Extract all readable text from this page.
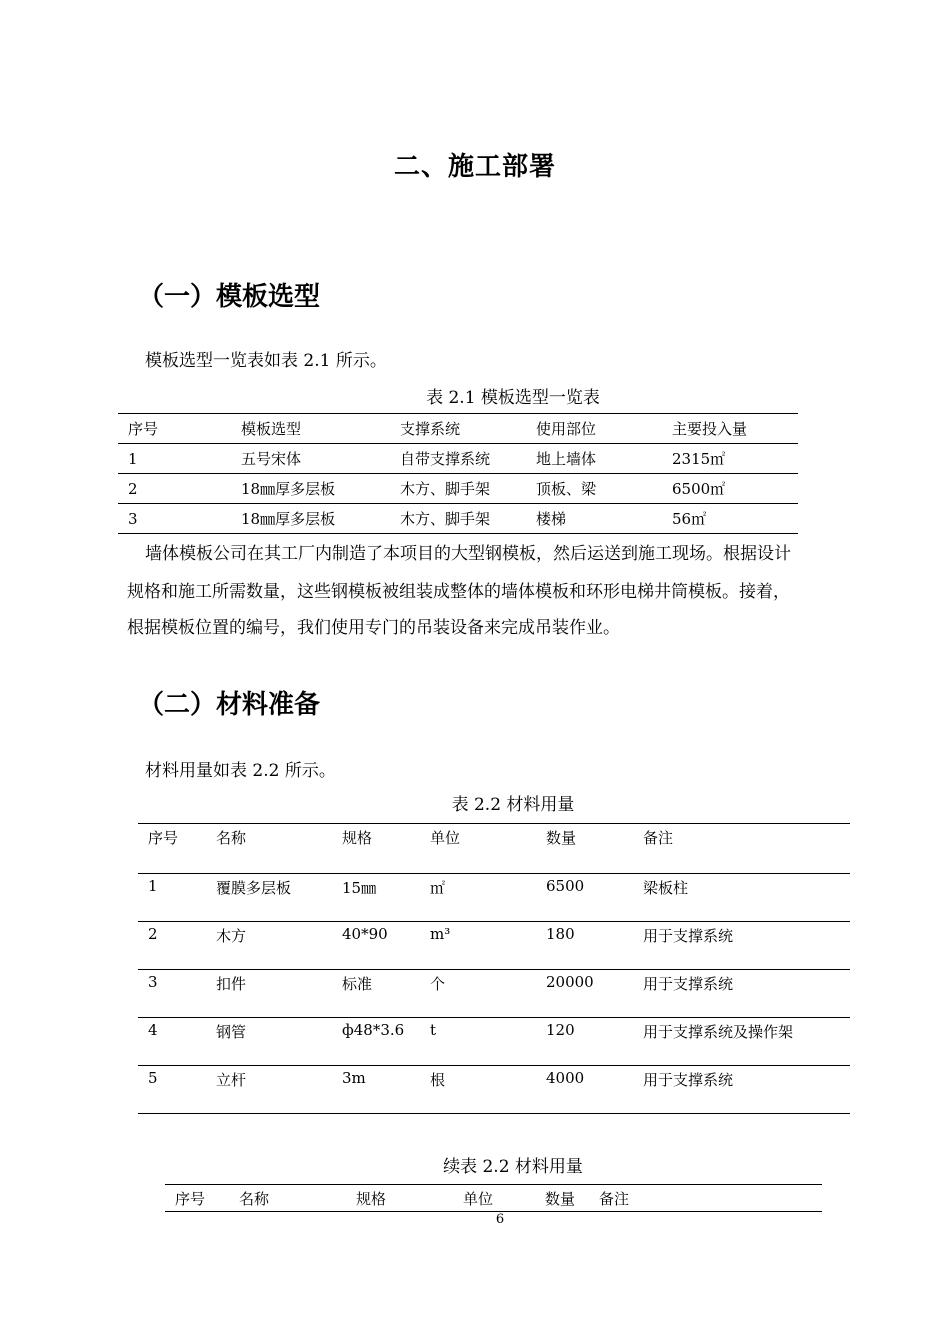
二、施工部署
（一）模板选型
模板选型一览表如表 2.1 所示。
表 2.1 模板选型一览表
序号	模板选型	支撑系统	使用部位	主要投入量
1	五号宋体	自带支撑系统	地上墙体	2315㎡
2	18㎜厚多层板	木方、脚手架	顶板、梁	6500㎡
3	18㎜厚多层板	木方、脚手架	楼梯	56㎡
墙体模板公司在其工厂内制造了本项目的大型钢模板，然后运送到施工现场。根据设计
规格和施工所需数量，这些钢模板被组装成整体的墙体模板和环形电梯井筒模板。接着，
根据模板位置的编号，我们使用专门的吊装设备来完成吊装作业。
（二）材料准备
材料用量如表 2.2 所示。
表 2.2 材料用量
序号	名称	规格	单位	数量	备注
1	覆膜多层板	15㎜	㎡	6500	梁板柱
2	木方	40*90	m³	180	用于支撑系统
3	扣件	标准	个	20000	用于支撑系统
4	钢管	ф48*3.6	t	120	用于支撑系统及操作架
5	立杆	3m	根	4000	用于支撑系统
续表 2.2 材料用量
序号	名称	规格	单位	数量	备注
6
